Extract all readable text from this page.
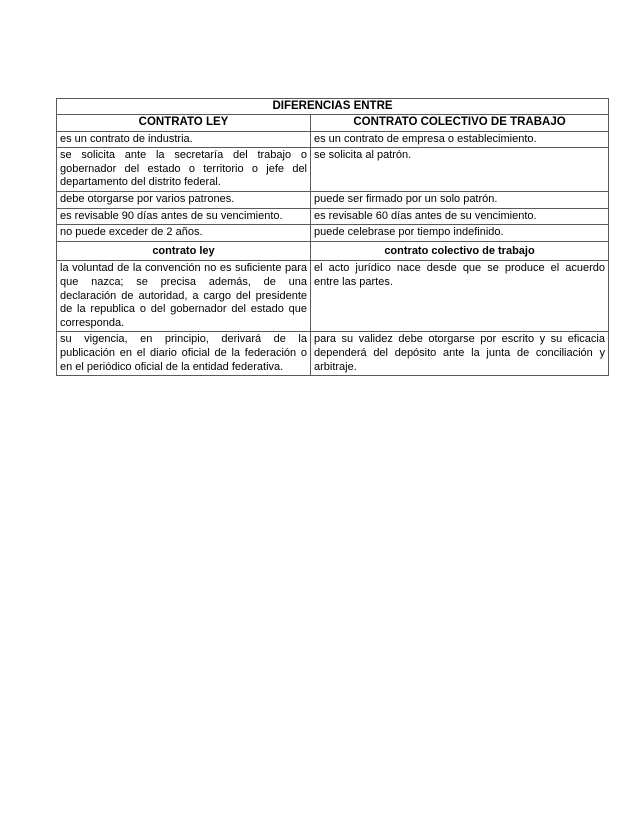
DIFERENCIAS ENTRE	
CONTRATO LEY	CONTRATO COLECTIVO DE TRABAJO
es un contrato de industria.	es un contrato de empresa o establecimiento.
se solicita ante la secretaría del trabajo o gobernador del estado o territorio o jefe del departamento del distrito federal.	se solicita al patrón.
debe otorgarse por varios patrones.	puede ser firmado por un solo patrón.
es revisable 90 días antes de su vencimiento.	es revisable 60 días antes de su vencimiento.
no puede exceder de 2 años.	puede celebrase por tiempo indefinido.
contrato ley	contrato colectivo de trabajo
la voluntad de la convención no es suficiente para que nazca; se precisa además, de una declaración de autoridad, a cargo del presidente de la republica o del gobernador del estado que corresponda.	el acto jurídico nace desde que se produce el acuerdo entre las partes.
su vigencia, en principio, derivará de la publicación en el diario oficial de la federación o en el periódico oficial de la entidad federativa.	para su validez debe otorgarse por escrito y su eficacia dependerá del depósito ante la junta de conciliación y arbitraje.
